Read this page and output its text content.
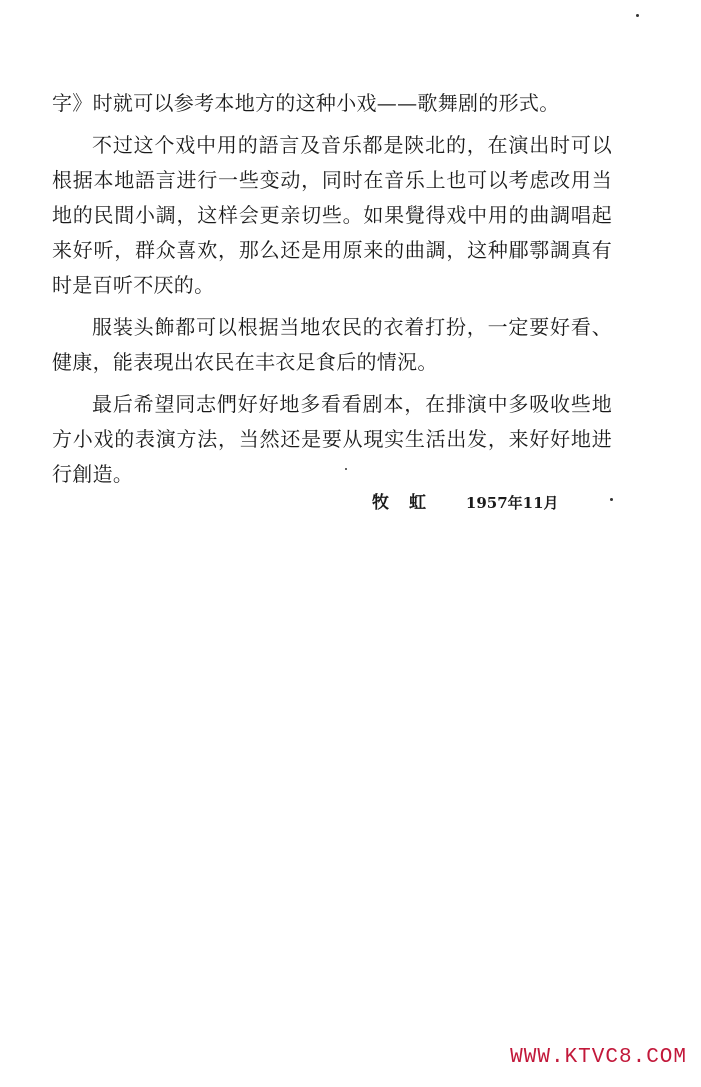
字》时就可以参考本地方的这种小戏——歌舞剧的形式。

不过这个戏中用的語言及音乐都是陝北的，在演出时可以根据本地語言进行一些变动，同时在音乐上也可以考虑改用当地的民間小調，这样会更亲切些。如果覺得戏中用的曲調唱起来好听，群众喜欢，那么还是用原来的曲調，这种郿鄠調真有时是百听不厌的。

服装头飾都可以根据当地农民的衣着打扮，一定要好看、健康，能表現出农民在丰衣足食后的情況。

最后希望同志們好好地多看看剧本，在排演中多吸收些地方小戏的表演方法，当然还是要从現实生活出发，来好好地进行創造。

牧虹 1957年11月
WWW.KTVC8.COM
